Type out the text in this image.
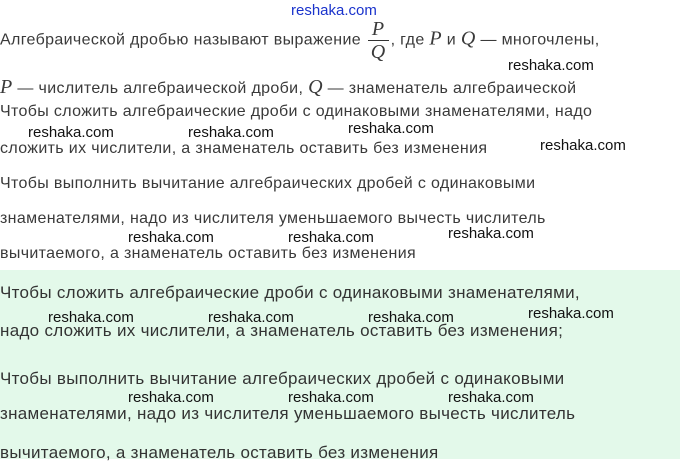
reshaka.com
Алгебраической дробью называют выражение $\frac{P}{Q}$ , где P и Q — многочлены,
P — числитель алгебраической дроби, Q — знаменатель алгебраической
Чтобы сложить алгебраические дроби с одинаковыми знаменателями, надо
сложить их числители, а знаменатель оставить без изменения
Чтобы выполнить вычитание алгебраических дробей с одинаковыми
знаменателями, надо из числителя уменьшаемого вычесть числитель
вычитаемого, а знаменатель оставить без изменения
Чтобы сложить алгебраические дроби с одинаковыми знаменателями,
надо сложить их числители, а знаменатель оставить без изменения;
Чтобы выполнить вычитание алгебраических дробей с одинаковыми
знаменателями, надо из числителя уменьшаемого вычесть числитель
вычитаемого, а знаменатель оставить без изменения
reshaka.com
reshaka.com	reshaka.com	reshaka.com
reshaka.com
reshaka.com	reshaka.com	reshaka.com
reshaka.com	reshaka.com	reshaka.com	reshaka.com
reshaka.com	reshaka.com	reshaka.com
